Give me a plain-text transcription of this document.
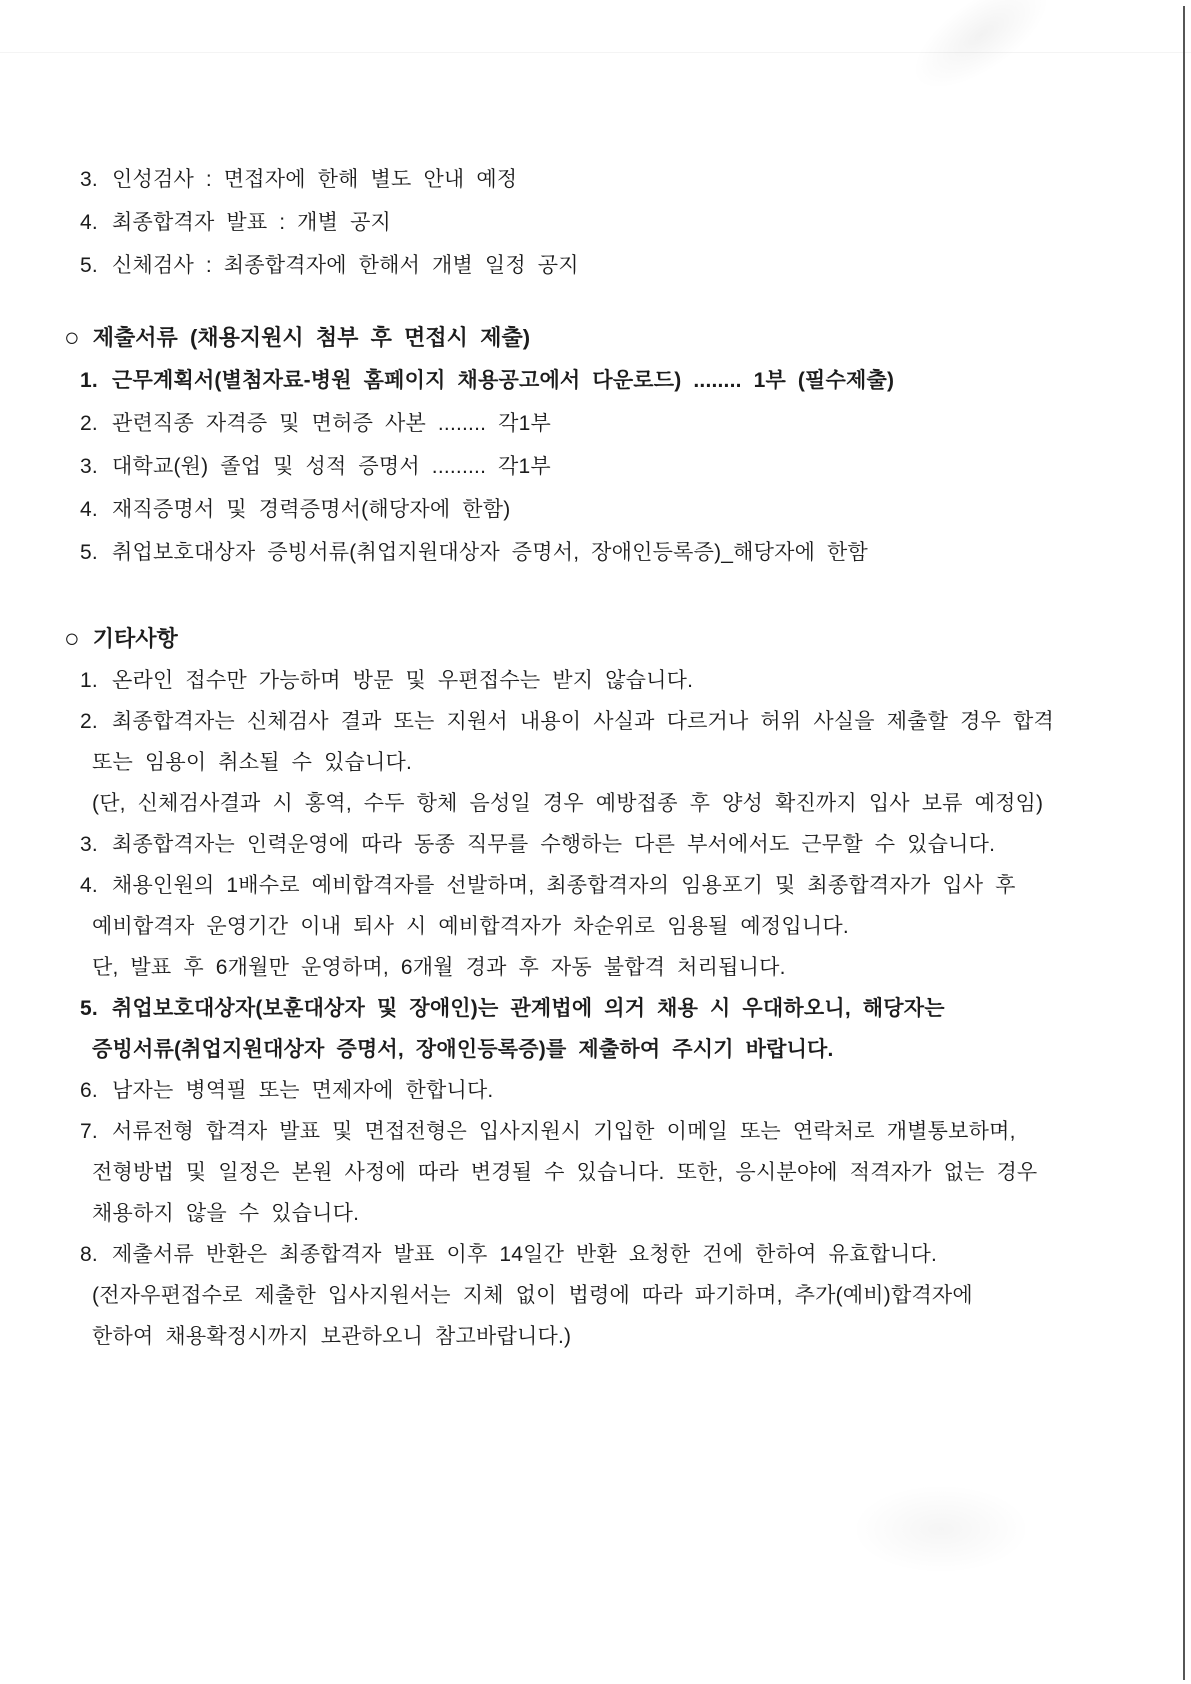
3. 인성검사 : 면접자에 한해 별도 안내 예정
4. 최종합격자 발표 : 개별 공지
5. 신체검사 : 최종합격자에 한해서 개별 일정 공지
○ 제출서류 (채용지원시 첨부 후 면접시 제출)
1. 근무계획서(별첨자료-병원 홈페이지 채용공고에서 다운로드) ........ 1부 (필수제출)
2. 관련직종 자격증 및 면허증 사본 ........ 각1부
3. 대학교(원) 졸업 및 성적 증명서 ......... 각1부
4. 재직증명서 및 경력증명서(해당자에 한함)
5. 취업보호대상자 증빙서류(취업지원대상자 증명서, 장애인등록증)_해당자에 한함
○ 기타사항
1. 온라인 접수만 가능하며 방문 및 우편접수는 받지 않습니다.
2. 최종합격자는 신체검사 결과 또는 지원서 내용이 사실과 다르거나 허위 사실을 제출할 경우 합격
또는 임용이 취소될 수 있습니다.
(단, 신체검사결과 시 홍역, 수두 항체 음성일 경우 예방접종 후 양성 확진까지 입사 보류 예정임)
3. 최종합격자는 인력운영에 따라 동종 직무를 수행하는 다른 부서에서도 근무할 수 있습니다.
4. 채용인원의 1배수로 예비합격자를 선발하며, 최종합격자의 임용포기 및 최종합격자가 입사 후
예비합격자 운영기간 이내 퇴사 시 예비합격자가 차순위로 임용될 예정입니다.
단, 발표 후 6개월만 운영하며, 6개월 경과 후 자동 불합격 처리됩니다.
5. 취업보호대상자(보훈대상자 및 장애인)는 관계법에 의거 채용 시 우대하오니, 해당자는
증빙서류(취업지원대상자 증명서, 장애인등록증)를 제출하여 주시기 바랍니다.
6. 남자는 병역필 또는 면제자에 한합니다.
7. 서류전형 합격자 발표 및 면접전형은 입사지원시 기입한 이메일 또는 연락처로 개별통보하며,
전형방법 및 일정은 본원 사정에 따라 변경될 수 있습니다. 또한, 응시분야에 적격자가 없는 경우
채용하지 않을 수 있습니다.
8. 제출서류 반환은 최종합격자 발표 이후 14일간 반환 요청한 건에 한하여 유효합니다.
(전자우편접수로 제출한 입사지원서는 지체 없이 법령에 따라 파기하며, 추가(예비)합격자에
한하여 채용확정시까지 보관하오니 참고바랍니다.)
